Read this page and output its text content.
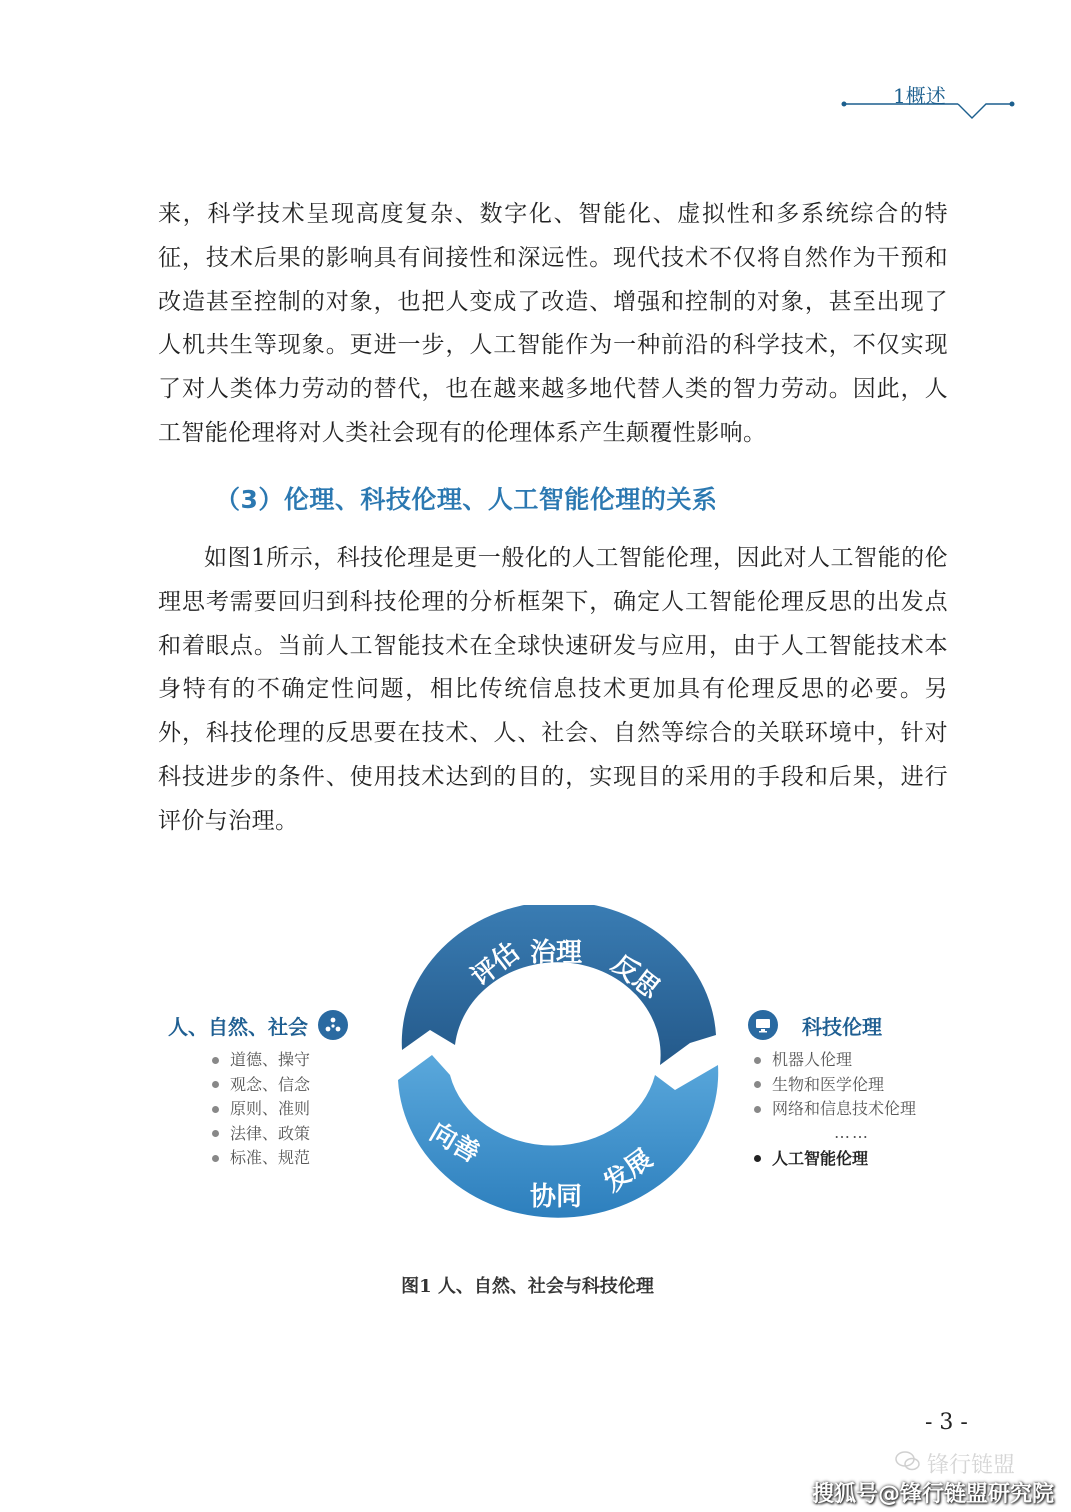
1概述

来，科学技术呈现高度复杂、数字化、智能化、虚拟性和多系统综合的特征，技术后果的影响具有间接性和深远性。现代技术不仅将自然作为干预和改造甚至控制的对象，也把人变成了改造、增强和控制的对象，甚至出现了人机共生等现象。更进一步，人工智能作为一种前沿的科学技术，不仅实现了对人类体力劳动的替代，也在越来越多地代替人类的智力劳动。因此，人工智能伦理将对人类社会现有的伦理体系产生颠覆性影响。

（3）伦理、科技伦理、人工智能伦理的关系

如图1所示，科技伦理是更一般化的人工智能伦理，因此对人工智能的伦理思考需要回归到科技伦理的分析框架下，确定人工智能伦理反思的出发点和着眼点。当前人工智能技术在全球快速研发与应用，由于人工智能技术本身特有的不确定性问题，相比传统信息技术更加具有伦理反思的必要。另外，科技伦理的反思要在技术、人、社会、自然等综合的关联环境中，针对科技进步的条件、使用技术达到的目的，实现目的采用的手段和后果，进行评价与治理。

评估 治理 反思
向善
协同 发展
人、自然、社会
道德、操守
观念、信念
原则、准则
法律、政策
标准、规范
科技伦理
机器人伦理
生物和医学伦理
网络和信息技术伦理
……
人工智能伦理
图1 人、自然、社会与科技伦理
- 3 -
锋行链盟
搜狐号@锋行链盟研究院
